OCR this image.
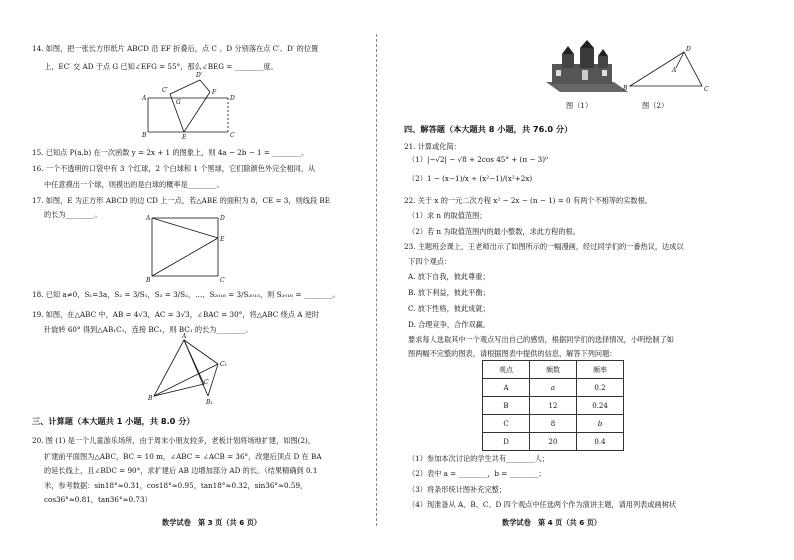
14. 如图，把一张长方形纸片 ABCD 沿 EF 折叠后，点 C 、D 分别落在点 C′、D′ 的位置
上，EC′ 交 AD 于点 G 已知∠EFG = 55°，那么∠BEG = ________度。
A
B	C
D
E
F
G
C′
D′
15. 已知点 P(a,b) 在一次函数 y = 2x + 1 的图象上，则 4a − 2b − 1 = ________。
16. 一个不透明的口袋中有 3 个红球，2 个白球和 1 个黑球，它们除颜色外完全相同，从
中任意摸出一个球，则摸出的是白球的概率是________。
17. 如图，E 为正方形 ABCD 的边 CD 上一点，若△ABE 的面积为 8，CE = 3，则线段 BE
的长为________。	A
B	C
D
E
18. 已知 a≠0，S₁=3a，S₂ = 3/S₁，S₃ = 3/S₂，…，S₂₀₁₆ = 3/S₂₀₁₅，则 S₂₀₁₆ = ________。
19. 如图，在△ABC 中，AB = 4√3，AC = 3√3，∠BAC = 30°，将△ABC 绕点 A 逆时
针旋转 60° 得到△AB₁C₁，连接 BC₁，则 BC₁ 的长为________。
A
B
C
B₁
C₁
三、计算题（本大题共 1 小题，共 8.0 分）
20. 图 (1) 是一个儿童游乐场所，由于周末小朋友较多，老板计划将场地扩建，如图(2)，
扩建前平面图为△ABC，BC = 10 m，∠ABC = ∠ACB = 36°，改建后顶点 D 在 BA
的延长线上，且∠BDC = 90°，求扩建后 AB 边增加部分 AD 的长。（结果精确到 0.1
米，参考数据：sin18°≈0.31，cos18°≈0.95，tan18°≈0.32，sin36°≈0.59，
cos36°≈0.81，tan36°≈0.73）
数学试卷　第 3 页（共 6 页）
图（1）
B
A
C
D
图（2）
四、解答题（本大题共 8 小题，共 76.0 分）
21. 计算或化简：
（1）|−√2| − √8 + 2cos 45° + (π − 3)⁰
（2）1 − (x−1)/x ÷ (x²−1)/(x²+2x)
22. 关于 x 的一元二次方程 x² − 2x − (n − 1) = 0 有两个不相等的实数根。
（1）求 n 的取值范围；
（2）若 n 为取值范围内的最小整数，求此方程的根。
23. 主题班会课上，王老师出示了如图所示的一幅漫画，经过同学们的一番热议，达成以
下四个观点：
A. 放下自我，彼此尊重；
B. 放下利益，彼此平衡；
C. 放下性格，彼此成就；
D. 合理竞争，合作双赢。
要求每人选取其中一个观点写出自己的感悟，根据同学们的选择情况，小明绘制了如
图两幅不完整的图表，请根据图表中提供的信息，解答下列问题：
观点	频数	频率
A	a	0.2
B	12	0.24
C	8	b
D	20	0.4
（1）参加本次讨论的学生共有________人；
（2）表中 a = ________，b = ________；
（3）将条形统计图补充完整；
（4）现准备从 A、B、C、D 四个观点中任选两个作为演讲主题，请用列表或画树状
数学试卷　第 4 页（共 6 页）
